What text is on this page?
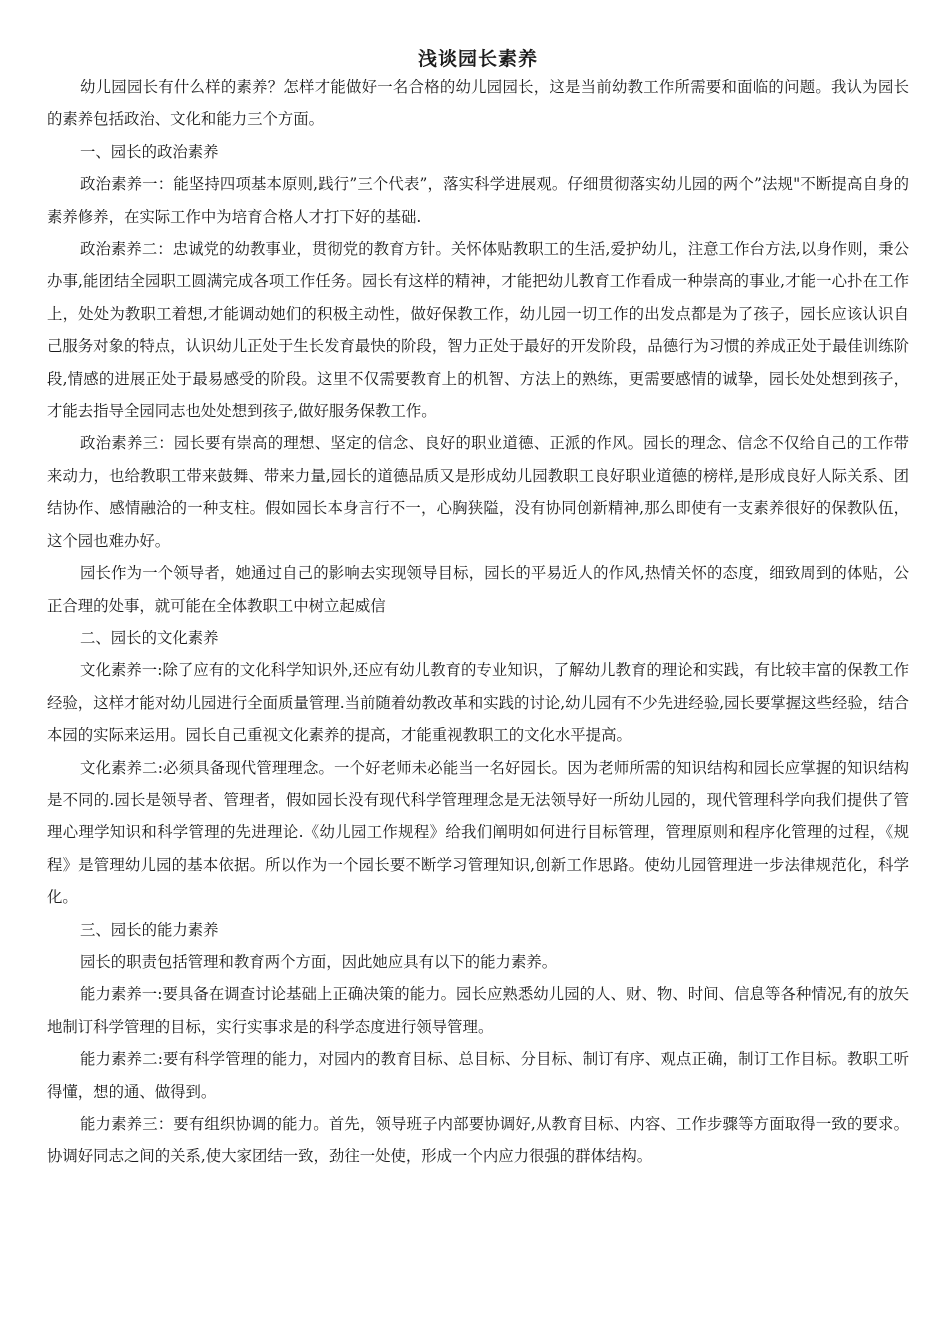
浅谈园长素养

幼儿园园长有什么样的素养？怎样才能做好一名合格的幼儿园园长，这是当前幼教工作所需要和面临的问题。我认为园长的素养包括政治、文化和能力三个方面。

一、园长的政治素养

政治素养一：能坚持四项基本原则,践行”三个代表”，落实科学进展观。仔细贯彻落实幼儿园的两个”法规"不断提高自身的素养修养，在实际工作中为培育合格人才打下好的基础.

政治素养二：忠诚党的幼教事业，贯彻党的教育方针。关怀体贴教职工的生活,爱护幼儿，注意工作台方法,以身作则，秉公办事,能团结全园职工圆满完成各项工作任务。园长有这样的精神，才能把幼儿教育工作看成一种崇高的事业,才能一心扑在工作上，处处为教职工着想,才能调动她们的积极主动性，做好保教工作，幼儿园一切工作的出发点都是为了孩子，园长应该认识自己服务对象的特点，认识幼儿正处于生长发育最快的阶段，智力正处于最好的开发阶段，品德行为习惯的养成正处于最佳训练阶段,情感的进展正处于最易感受的阶段。这里不仅需要教育上的机智、方法上的熟练，更需要感情的诚挚，园长处处想到孩子，才能去指导全园同志也处处想到孩子,做好服务保教工作。

政治素养三：园长要有崇高的理想、坚定的信念、良好的职业道德、正派的作风。园长的理念、信念不仅给自己的工作带来动力，也给教职工带来鼓舞、带来力量,园长的道德品质又是形成幼儿园教职工良好职业道德的榜样,是形成良好人际关系、团结协作、感情融洽的一种支柱。假如园长本身言行不一，心胸狭隘，没有协同创新精神,那么即使有一支素养很好的保教队伍，这个园也难办好。

园长作为一个领导者，她通过自己的影响去实现领导目标，园长的平易近人的作风,热情关怀的态度，细致周到的体贴，公正合理的处事，就可能在全体教职工中树立起威信

二、园长的文化素养

文化素养一:除了应有的文化科学知识外,还应有幼儿教育的专业知识，了解幼儿教育的理论和实践，有比较丰富的保教工作经验，这样才能对幼儿园进行全面质量管理.当前随着幼教改革和实践的讨论,幼儿园有不少先进经验,园长要掌握这些经验，结合本园的实际来运用。园长自己重视文化素养的提高，才能重视教职工的文化水平提高。

文化素养二:必须具备现代管理理念。一个好老师未必能当一名好园长。因为老师所需的知识结构和园长应掌握的知识结构是不同的.园长是领导者、管理者，假如园长没有现代科学管理理念是无法领导好一所幼儿园的，现代管理科学向我们提供了管理心理学知识和科学管理的先进理论.《幼儿园工作规程》给我们阐明如何进行目标管理，管理原则和程序化管理的过程，《规程》是管理幼儿园的基本依据。所以作为一个园长要不断学习管理知识,创新工作思路。使幼儿园管理进一步法律规范化，科学化。

三、园长的能力素养

园长的职责包括管理和教育两个方面，因此她应具有以下的能力素养。

能力素养一:要具备在调查讨论基础上正确决策的能力。园长应熟悉幼儿园的人、财、物、时间、信息等各种情况,有的放矢地制订科学管理的目标，实行实事求是的科学态度进行领导管理。

能力素养二:要有科学管理的能力，对园内的教育目标、总目标、分目标、制订有序、观点正确，制订工作目标。教职工听得懂，想的通、做得到。

能力素养三：要有组织协调的能力。首先，领导班子内部要协调好,从教育目标、内容、工作步骤等方面取得一致的要求。协调好同志之间的关系,使大家团结一致，劲往一处使，形成一个内应力很强的群体结构。
